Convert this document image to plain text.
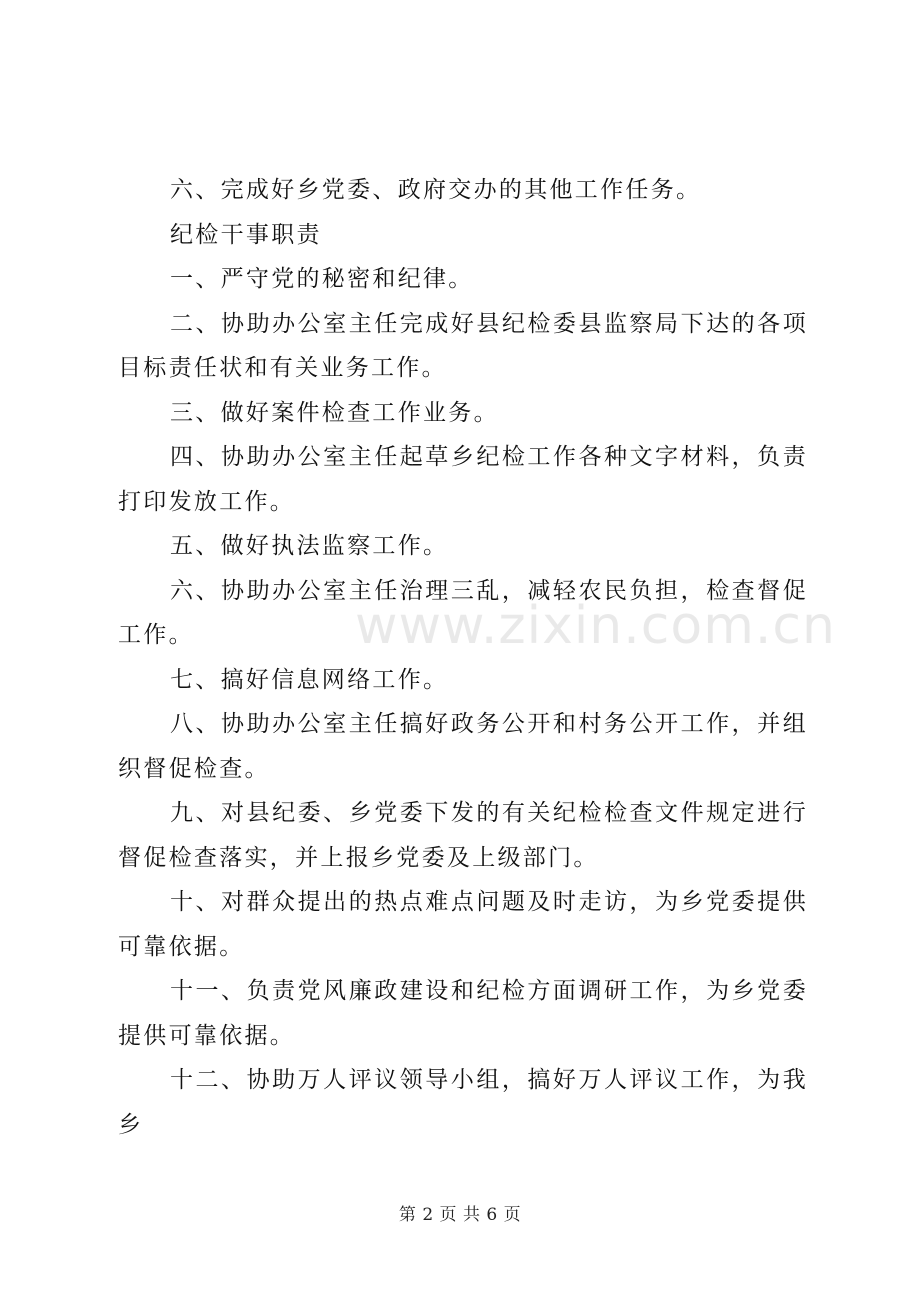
六、完成好乡党委、政府交办的其他工作任务。

纪检干事职责

一、严守党的秘密和纪律。

二、协助办公室主任完成好县纪检委县监察局下达的各项目标责任状和有关业务工作。

三、做好案件检查工作业务。

四、协助办公室主任起草乡纪检工作各种文字材料，负责打印发放工作。

五、做好执法监察工作。

六、协助办公室主任治理三乱，减轻农民负担，检查督促工作。

七、搞好信息网络工作。

八、协助办公室主任搞好政务公开和村务公开工作，并组织督促检查。

九、对县纪委、乡党委下发的有关纪检检查文件规定进行督促检查落实，并上报乡党委及上级部门。

十、对群众提出的热点难点问题及时走访，为乡党委提供可靠依据。

十一、负责党风廉政建设和纪检方面调研工作，为乡党委提供可靠依据。

十二、协助万人评议领导小组，搞好万人评议工作，为我乡

www.zixin.com.cn
第 2 页 共 6 页
